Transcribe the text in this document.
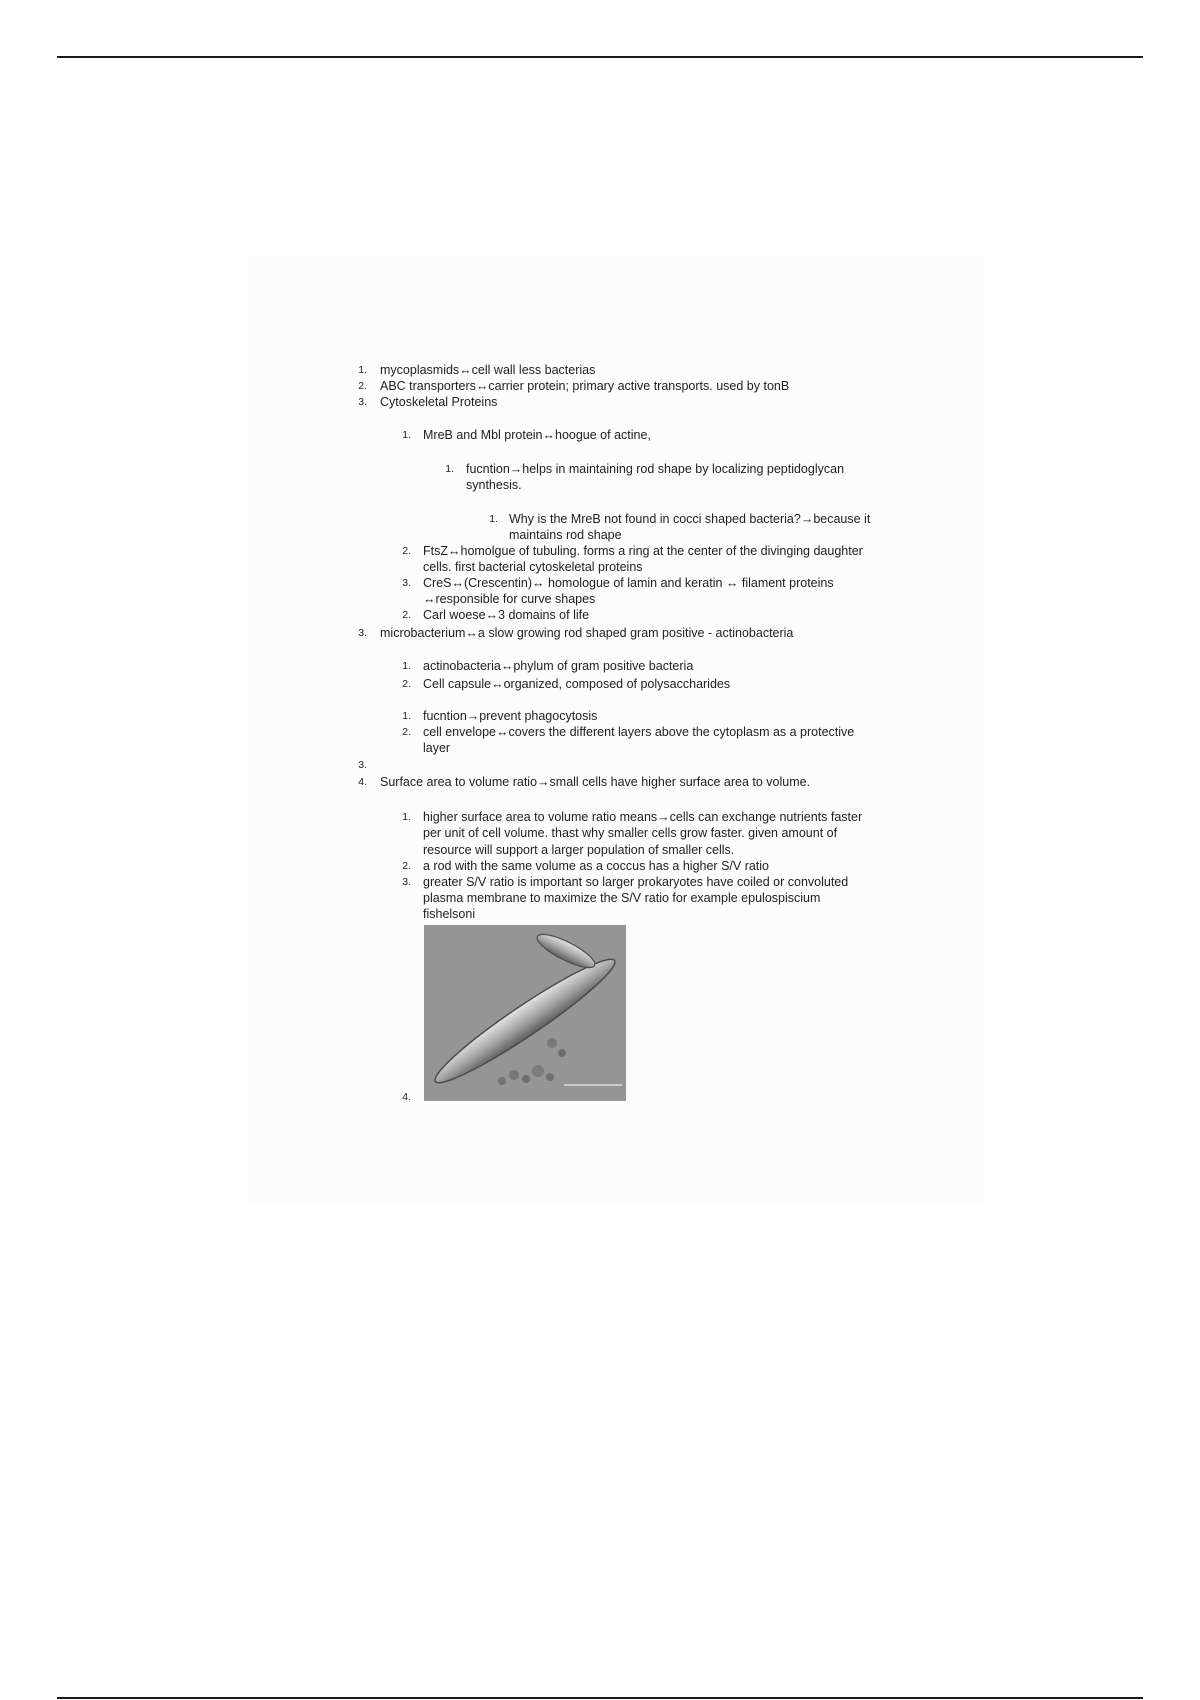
1. mycoplasmids↔cell wall less bacterias
2. ABC transporters↔carrier protein; primary active transports. used by tonB
3. Cytoskeletal Proteins
1. MreB and Mbl protein↔hoogue of actine,
1. fucntion→helps in maintaining rod shape by localizing peptidoglycan
synthesis.
1. Why is the MreB not found in cocci shaped bacteria?→because it
maintains rod shape
2. FtsZ↔homolgue of tubuling. forms a ring at the center of the divinging daughter
cells. first bacterial cytoskeletal proteins
3. CreS↔(Crescentin)↔ homologue of lamin and keratin ↔ filament proteins
↔responsible for curve shapes
2. Carl woese↔3 domains of life
3. microbacterium↔a slow growing rod shaped gram positive - actinobacteria
1. actinobacteria↔phylum of gram positive bacteria
2. Cell capsule↔organized, composed of polysaccharides
1. fucntion→prevent phagocytosis
2. cell envelope↔covers the different layers above the cytoplasm as a protective
layer
3.
4. Surface area to volume ratio→small cells have higher surface area to volume.
1. higher surface area to volume ratio means→cells can exchange nutrients faster
per unit of cell volume. thast why smaller cells grow faster. given amount of
resource will support a larger population of smaller cells.
2. a rod with the same volume as a coccus has a higher S/V ratio
3. greater S/V ratio is important so larger prokaryotes have coiled or convoluted
plasma membrane to maximize the S/V ratio for example epulospiscium
fishelsoni
4.
